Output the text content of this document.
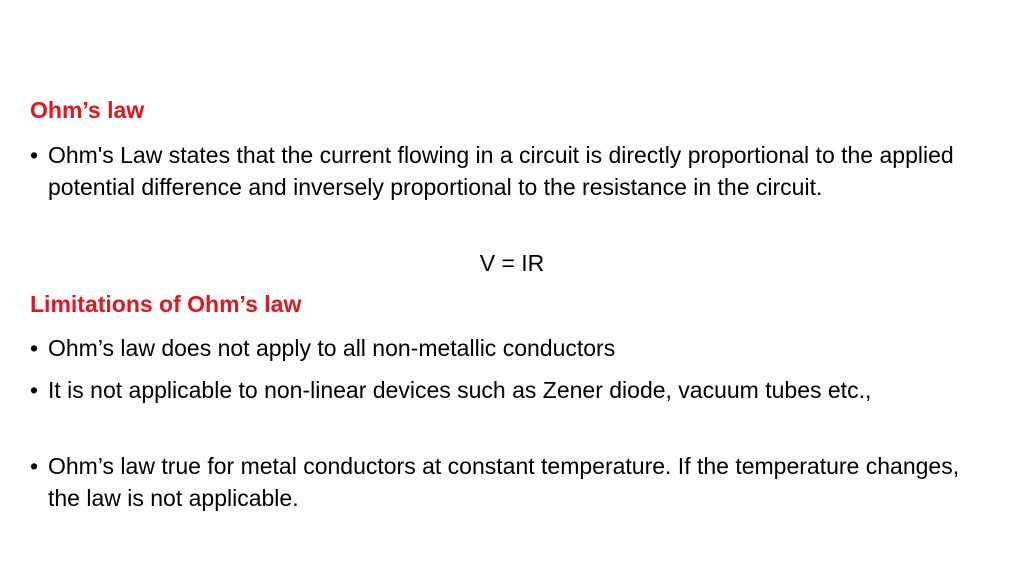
Ohm’s law
• Ohm's Law states that the current flowing in a circuit is directly proportional to the applied potential difference and inversely proportional to the resistance in the circuit.
V = IR
Limitations of Ohm’s law
• Ohm’s law does not apply to all non-metallic conductors
• It is not applicable to non-linear devices such as Zener diode, vacuum tubes etc.,
• Ohm’s law true for metal conductors at constant temperature. If the temperature changes, the law is not applicable.
